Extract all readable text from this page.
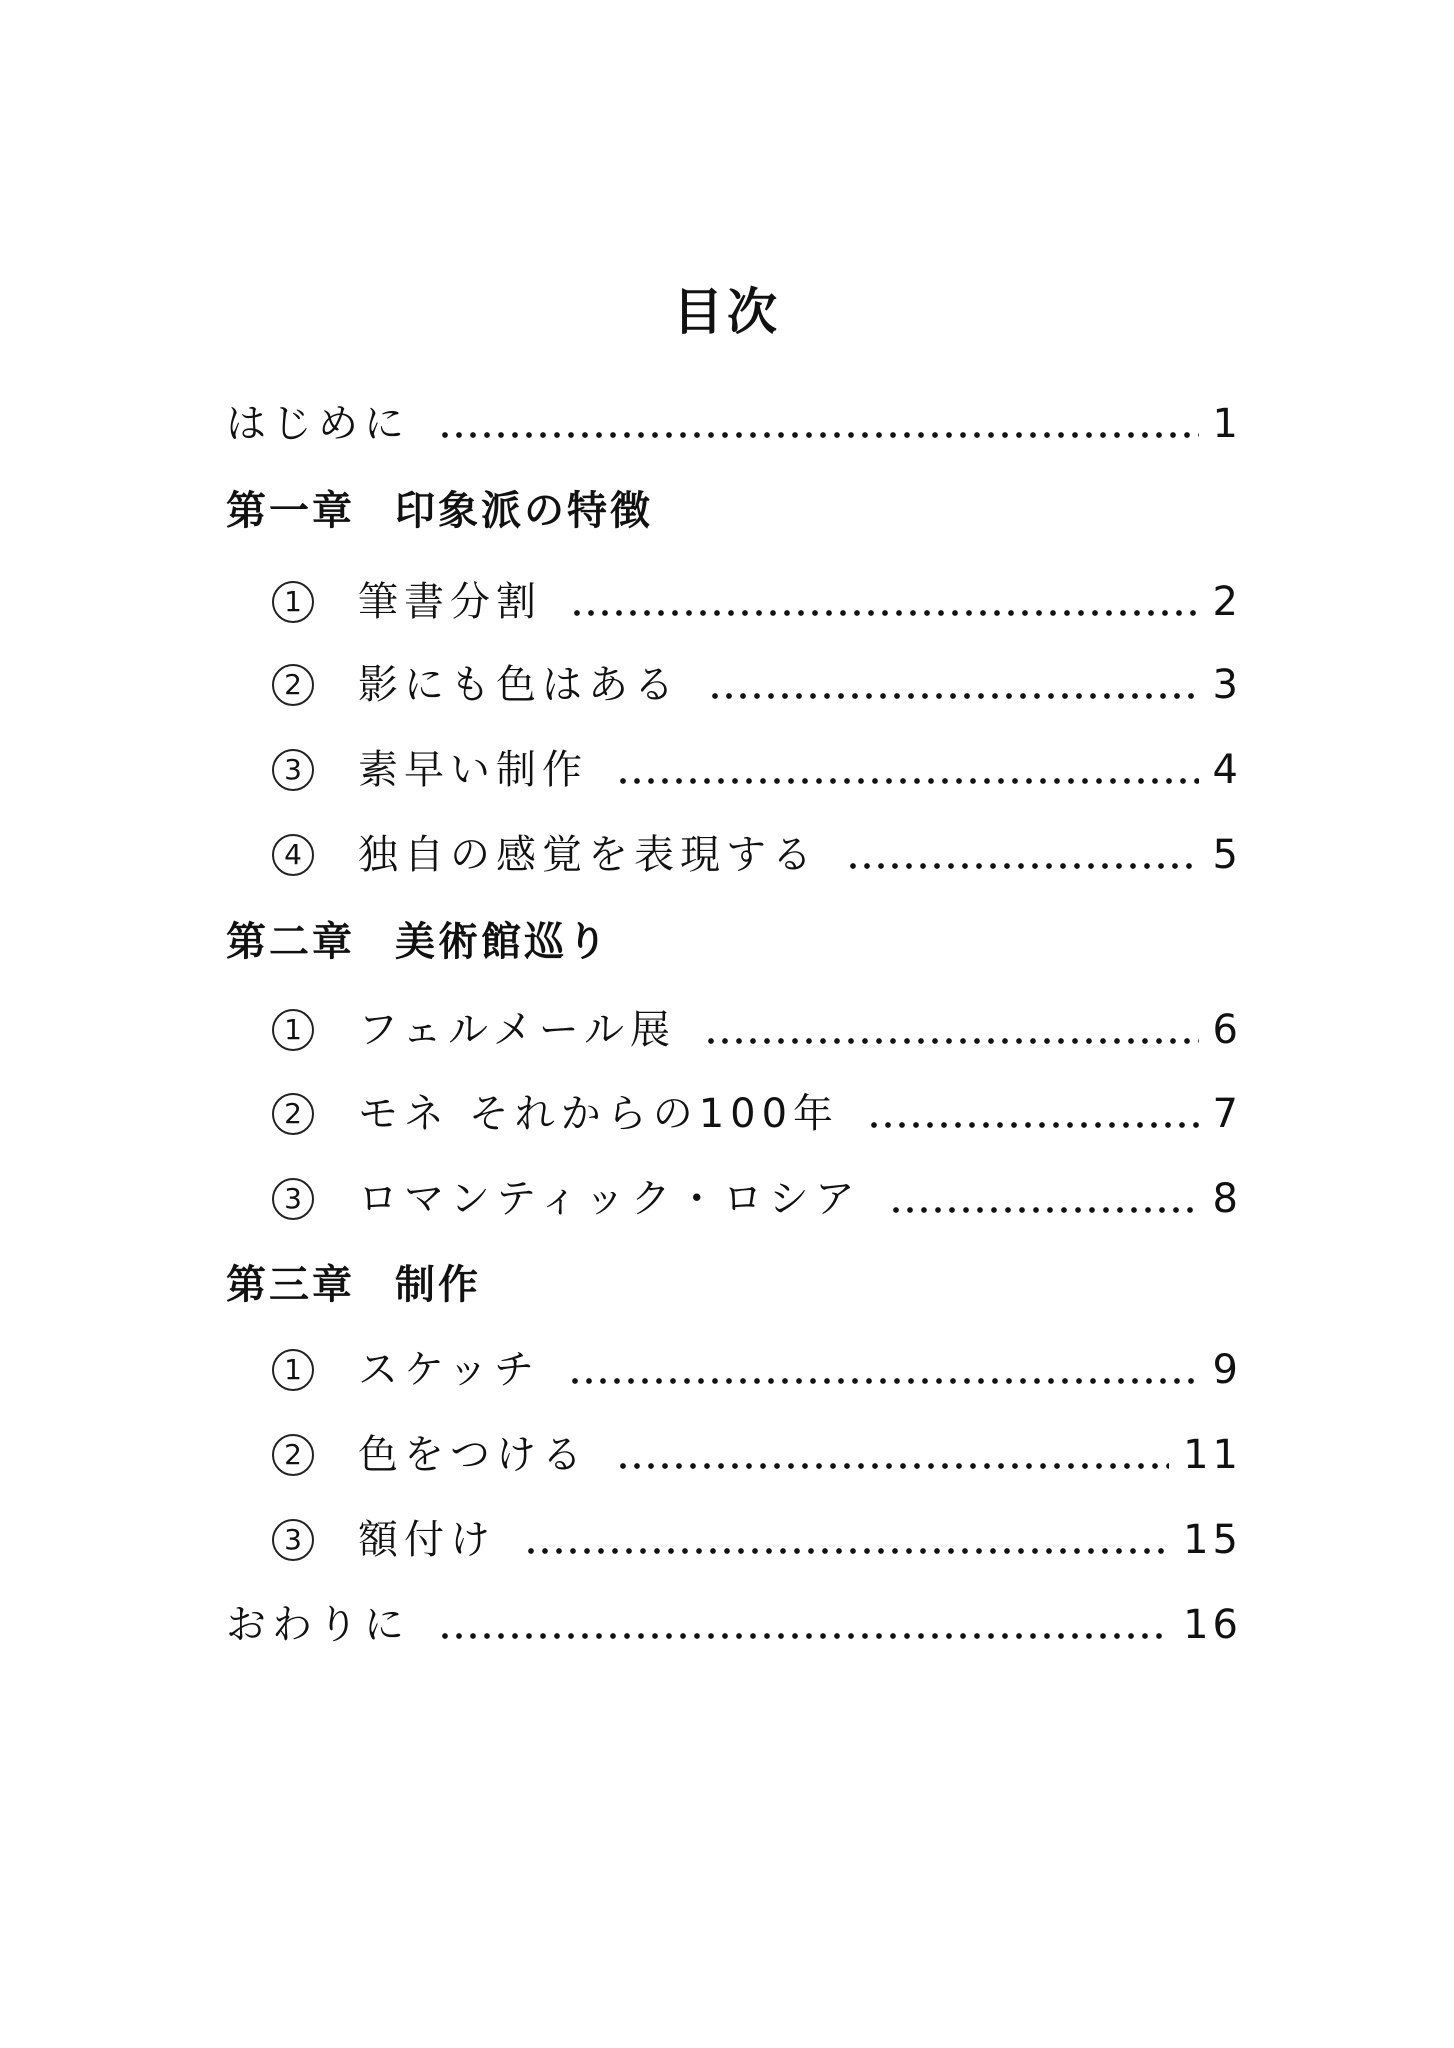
目次
はじめに	1
第一章 印象派の特徴
1	筆書分割	2
2	影にも色はある	3
3	素早い制作	4
4	独自の感覚を表現する	5
第二章 美術館巡り
1	フェルメール展	6
2	モネ それからの100年	7
3	ロマンティック・ロシア	8
第三章 制作
1	スケッチ	9
2	色をつける	11
3	額付け	15
おわりに	16
